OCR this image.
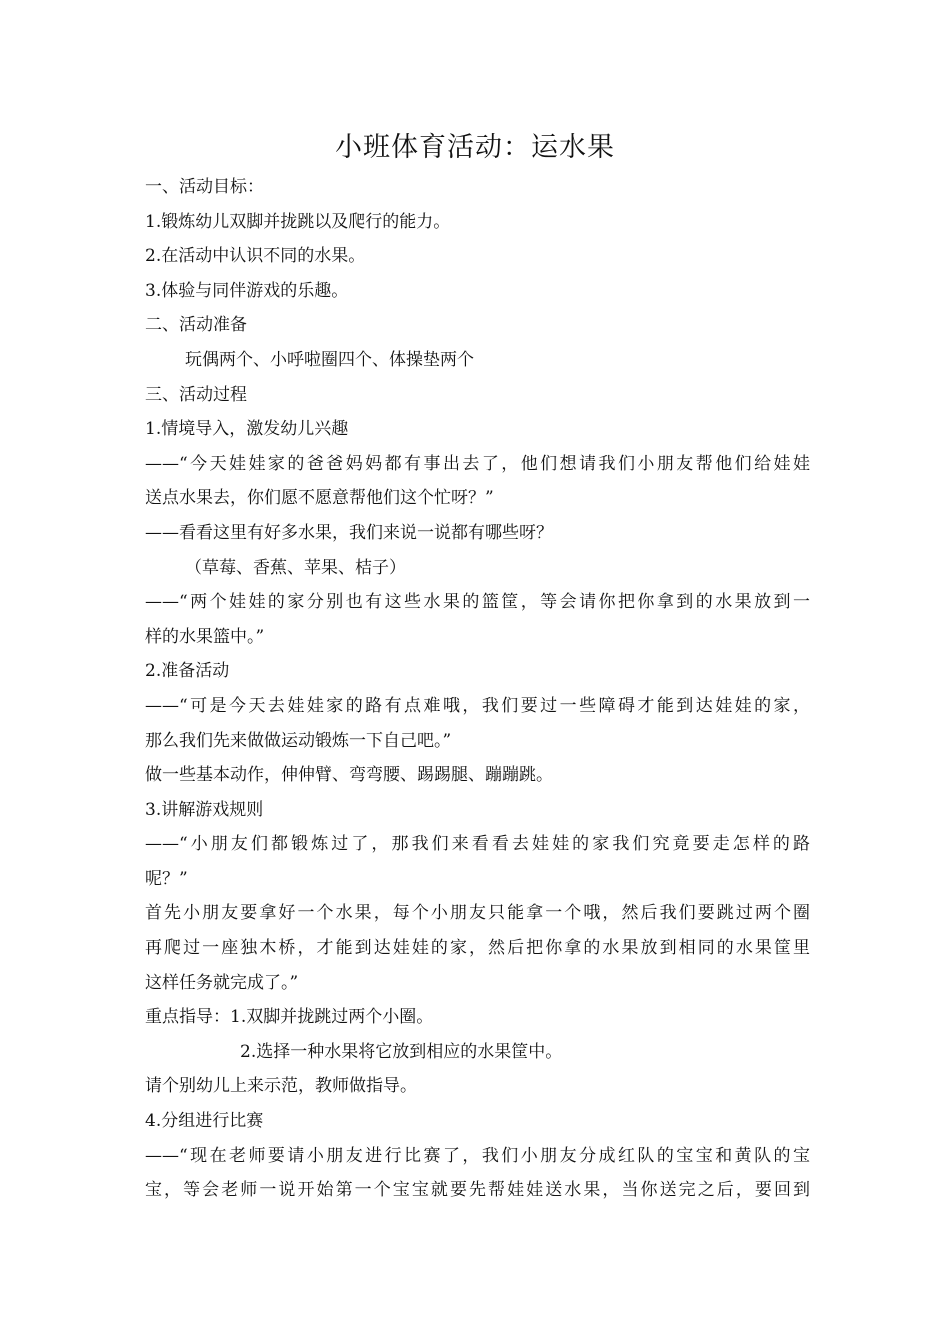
小班体育活动：运水果
一、活动目标：
1.锻炼幼儿双脚并拢跳以及爬行的能力。
2.在活动中认识不同的水果。
3.体验与同伴游戏的乐趣。
二、活动准备
玩偶两个、小呼啦圈四个、体操垫两个
三、活动过程
1.情境导入，激发幼儿兴趣
——“今天娃娃家的爸爸妈妈都有事出去了，他们想请我们小朋友帮他们给娃娃
送点水果去，你们愿不愿意帮他们这个忙呀？”
——看看这里有好多水果，我们来说一说都有哪些呀？
（草莓、香蕉、苹果、桔子）
——“两个娃娃的家分别也有这些水果的篮筐，等会请你把你拿到的水果放到一
样的水果篮中。”
2.准备活动
——“可是今天去娃娃家的路有点难哦，我们要过一些障碍才能到达娃娃的家，
那么我们先来做做运动锻炼一下自己吧。”
做一些基本动作，伸伸臂、弯弯腰、踢踢腿、蹦蹦跳。
3.讲解游戏规则
——“小朋友们都锻炼过了，那我们来看看去娃娃的家我们究竟要走怎样的路
呢？”
首先小朋友要拿好一个水果，每个小朋友只能拿一个哦，然后我们要跳过两个圈
再爬过一座独木桥，才能到达娃娃的家，然后把你拿的水果放到相同的水果筐里
这样任务就完成了。”
重点指导：1.双脚并拢跳过两个小圈。
2.选择一种水果将它放到相应的水果筐中。
请个别幼儿上来示范，教师做指导。
4.分组进行比赛
——“现在老师要请小朋友进行比赛了，我们小朋友分成红队的宝宝和黄队的宝
宝，等会老师一说开始第一个宝宝就要先帮娃娃送水果，当你送完之后，要回到
